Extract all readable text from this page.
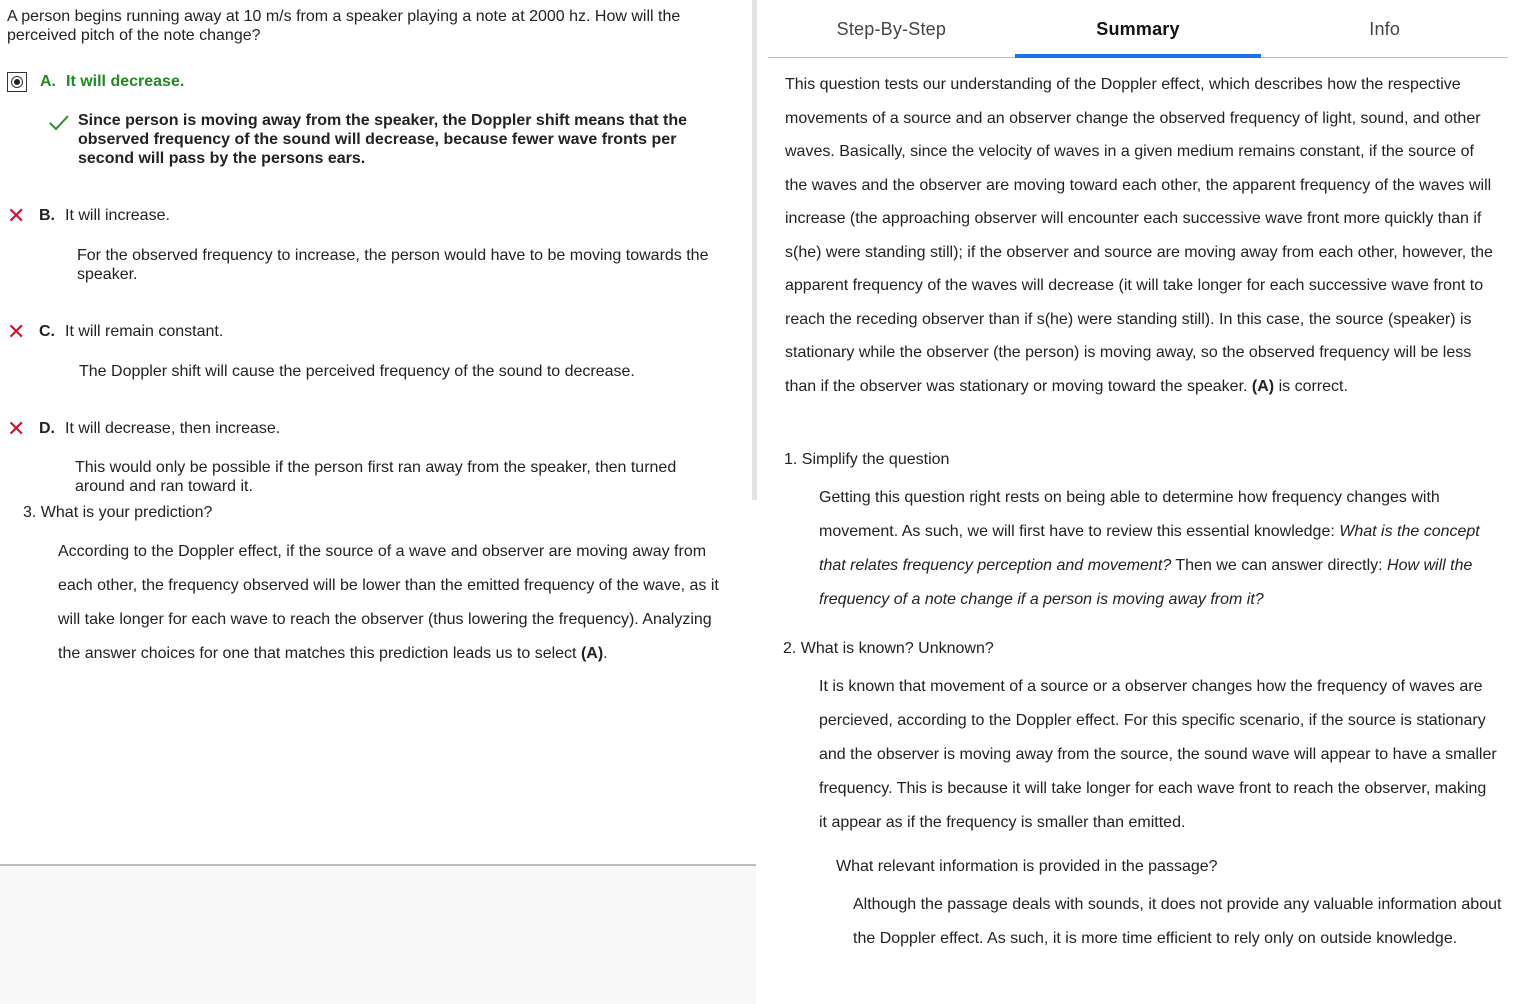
A person begins running away at 10 m/s from a speaker playing a note at 2000 hz. How will the perceived pitch of the note change?
A. It will decrease.
Since person is moving away from the speaker, the Doppler shift means that the observed frequency of the sound will decrease, because fewer wave fronts per second will pass by the persons ears.
✕ B. It will increase.
For the observed frequency to increase, the person would have to be moving towards the speaker.
✕ C. It will remain constant.
The Doppler shift will cause the perceived frequency of the sound to decrease.
✕ D. It will decrease, then increase.
This would only be possible if the person first ran away from the speaker, then turned around and ran toward it.
3. What is your prediction?
According to the Doppler effect, if the source of a wave and observer are moving away from each other, the frequency observed will be lower than the emitted frequency of the wave, as it will take longer for each wave to reach the observer (thus lowering the frequency). Analyzing the answer choices for one that matches this prediction leads us to select (A).
Step-By-Step	Summary	Info
This question tests our understanding of the Doppler effect, which describes how the respective movements of a source and an observer change the observed frequency of light, sound, and other waves. Basically, since the velocity of waves in a given medium remains constant, if the source of the waves and the observer are moving toward each other, the apparent frequency of the waves will increase (the approaching observer will encounter each successive wave front more quickly than if s(he) were standing still); if the observer and source are moving away from each other, however, the apparent frequency of the waves will decrease (it will take longer for each successive wave front to reach the receding observer than if s(he) were standing still). In this case, the source (speaker) is stationary while the observer (the person) is moving away, so the observed frequency will be less than if the observer was stationary or moving toward the speaker. (A) is correct.
1. Simplify the question
Getting this question right rests on being able to determine how frequency changes with movement. As such, we will first have to review this essential knowledge: What is the concept that relates frequency perception and movement? Then we can answer directly: How will the frequency of a note change if a person is moving away from it?
2. What is known? Unknown?
It is known that movement of a source or a observer changes how the frequency of waves are percieved, according to the Doppler effect. For this specific scenario, if the source is stationary and the observer is moving away from the source, the sound wave will appear to have a smaller frequency. This is because it will take longer for each wave front to reach the observer, making it appear as if the frequency is smaller than emitted.
What relevant information is provided in the passage?
Although the passage deals with sounds, it does not provide any valuable information about the Doppler effect. As such, it is more time efficient to rely only on outside knowledge.
